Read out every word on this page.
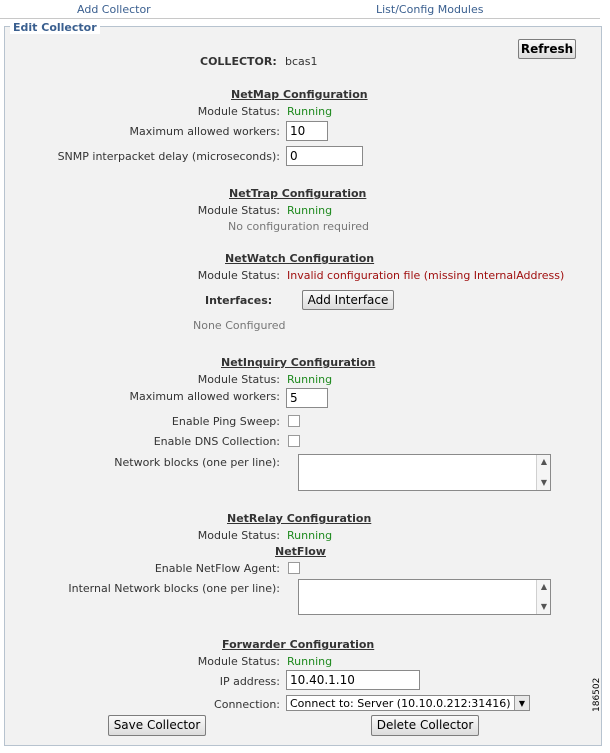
Add Collector	List/Config Modules
Edit Collector
Refresh
COLLECTOR: bcas1
NetMap Configuration
Module Status: Running
Maximum allowed workers: 10
SNMP interpacket delay (microseconds): 0
NetTrap Configuration
Module Status: Running
No configuration required
NetWatch Configuration
Module Status: Invalid configuration file (missing InternalAddress)
Interfaces:	Add Interface
None Configured
NetInquiry Configuration
Module Status: Running
Maximum allowed workers: 5
Enable Ping Sweep:
Enable DNS Collection:
Network blocks (one per line):	▲
▼
NetRelay Configuration
Module Status: Running
NetFlow
Enable NetFlow Agent:
Internal Network blocks (one per line):	▲
▼
Forwarder Configuration
Module Status: Running
IP address: 10.40.1.10
Connection: Connect to: Server (10.10.0.212:31416)	▼
Save Collector	Delete Collector
186502
